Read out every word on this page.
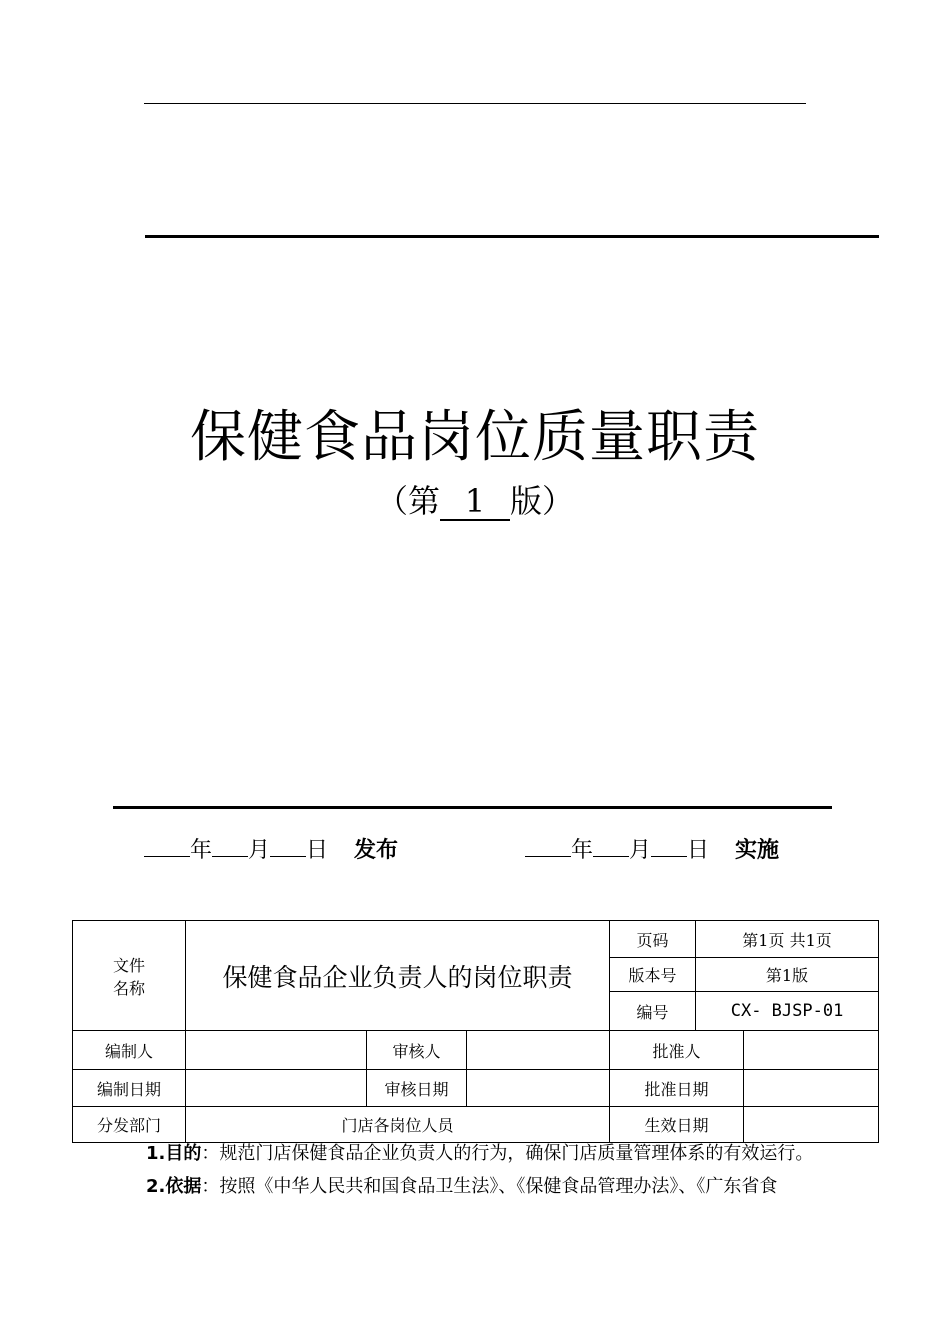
保健食品岗位质量职责
（第 1 版）
年 月 日 发布	年 月 日 实施
文件
名称	保健食品企业负责人的岗位职责			页码	第1页 共1页	
				版本号	第1版	
				编号	CX- BJSP-01	
编制人		审核人		批准人		
编制日期		审核日期		批准日期		
分发部门	门店各岗位人员			生效日期		
1.目的：规范门店保健食品企业负责人的行为，确保门店质量管理体系的有效运行。
2.依据：按照《中华人民共和国食品卫生法》、《保健食品管理办法》、《广东省食
